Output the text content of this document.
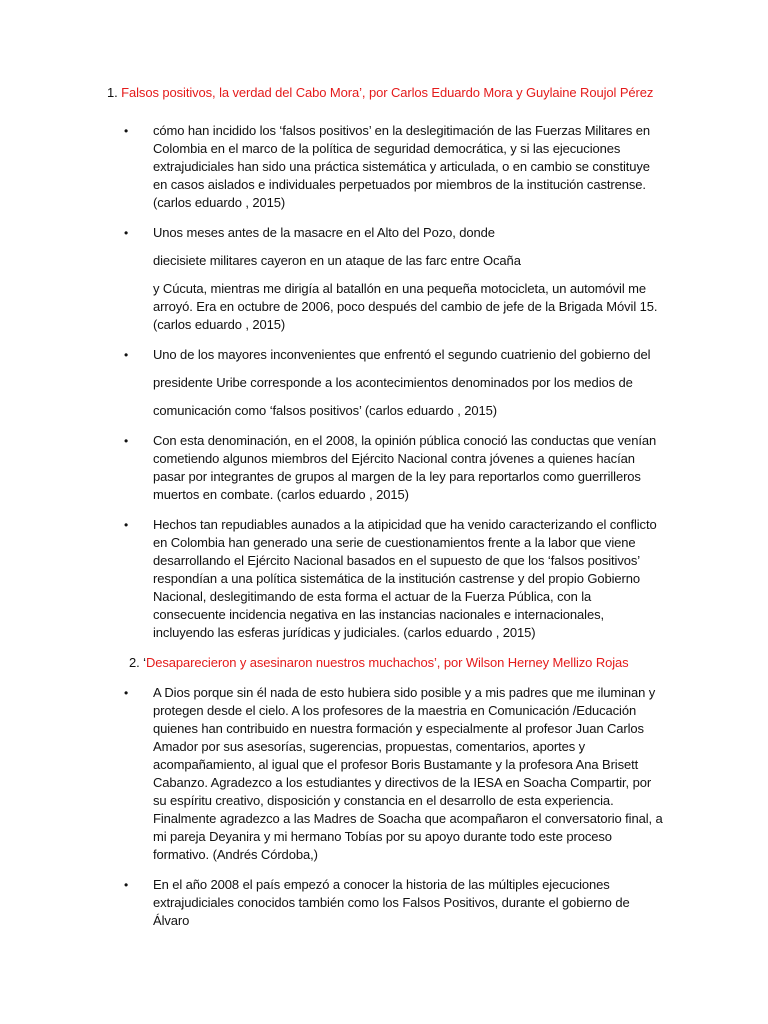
1. Falsos positivos, la verdad del Cabo Mora’, por Carlos Eduardo Mora y Guylaine Roujol Pérez
• cómo han incidido los ‘falsos positivos’ en la deslegitimación de las Fuerzas Militares en Colombia en el marco de la política de seguridad democrática, y si las ejecuciones extrajudiciales han sido una práctica sistemática y articulada, o en cambio se constituye en casos aislados e individuales perpetuados por miembros de la institución castrense. (carlos eduardo , 2015)

• Unos meses antes de la masacre en el Alto del Pozo, donde

diecisiete militares cayeron en un ataque de las farc entre Ocaña

y Cúcuta, mientras me dirigía al batallón en una pequeña motocicleta, un automóvil me arroyó. Era en octubre de 2006, poco después del cambio de jefe de la Brigada Móvil 15. (carlos eduardo , 2015)

• Uno de los mayores inconvenientes que enfrentó el segundo cuatrienio del gobierno del

presidente Uribe corresponde a los acontecimientos denominados por los medios de

comunicación como ‘falsos positivos’ (carlos eduardo , 2015)

• Con esta denominación, en el 2008, la opinión pública conoció las conductas que venían cometiendo algunos miembros del Ejército Nacional contra jóvenes a quienes hacían pasar por integrantes de grupos al margen de la ley para reportarlos como guerrilleros muertos en combate. (carlos eduardo , 2015)

• Hechos tan repudiables aunados a la atipicidad que ha venido caracterizando el conflicto en Colombia han generado una serie de cuestionamientos frente a la labor que viene desarrollando el Ejército Nacional basados en el supuesto de que los ‘falsos positivos’ respondían a una política sistemática de la institución castrense y del propio Gobierno Nacional, deslegitimando de esta forma el actuar de la Fuerza Pública, con la consecuente incidencia negativa en las instancias nacionales e internacionales, incluyendo las esferas jurídicas y judiciales. (carlos eduardo , 2015)

2. ‘Desaparecieron y asesinaron nuestros muchachos’, por Wilson Herney Mellizo Rojas
• A Dios porque sin él nada de esto hubiera sido posible y a mis padres que me iluminan y protegen desde el cielo. A los profesores de la maestria en Comunicación /Educación quienes han contribuido en nuestra formación y especialmente al profesor Juan Carlos Amador por sus asesorías, sugerencias, propuestas, comentarios, aportes y acompañamiento, al igual que el profesor Boris Bustamante y la profesora Ana Brisett Cabanzo. Agradezco a los estudiantes y directivos de la IESA en Soacha Compartir, por su espíritu creativo, disposición y constancia en el desarrollo de esta experiencia. Finalmente agradezco a las Madres de Soacha que acompañaron el conversatorio final, a mi pareja Deyanira y mi hermano Tobías por su apoyo durante todo este proceso formativo. (Andrés Córdoba,)

• En el año 2008 el país empezó a conocer la historia de las múltiples ejecuciones extrajudiciales conocidos también como los Falsos Positivos, durante el gobierno de Álvaro
